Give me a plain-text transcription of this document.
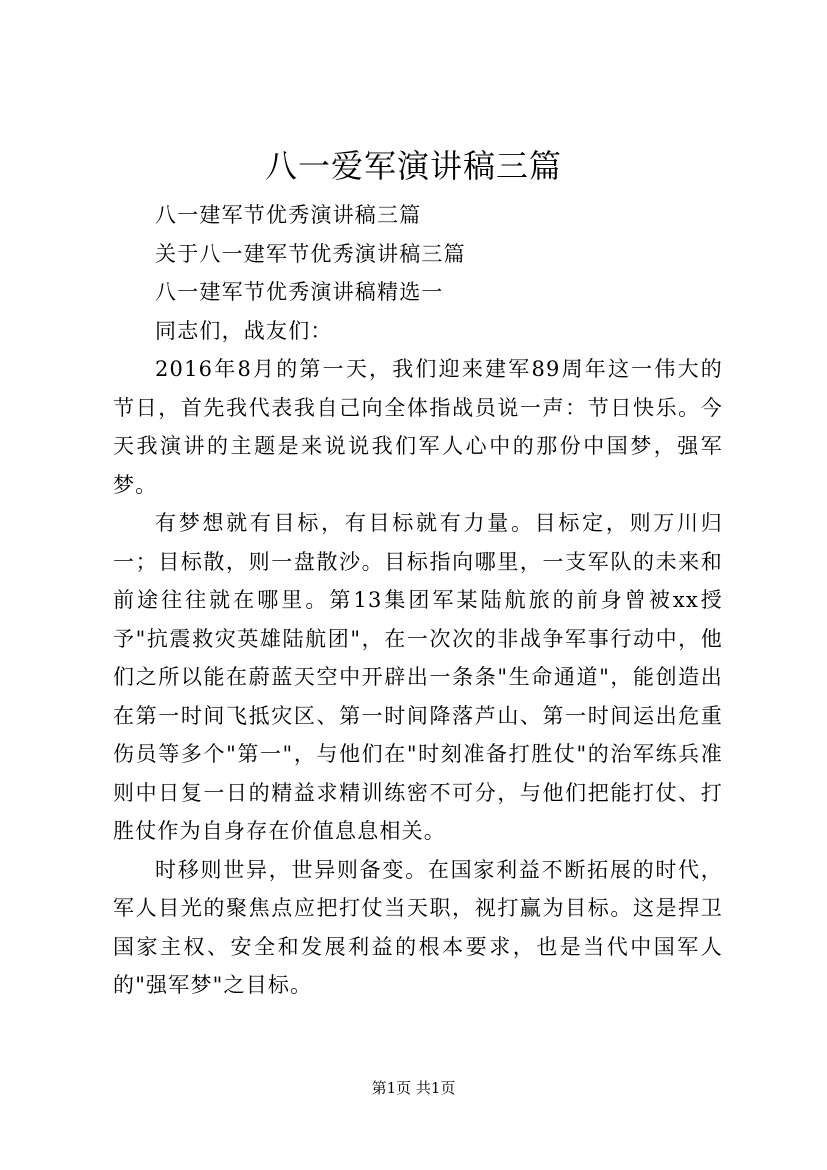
八一爱军演讲稿三篇

八一建军节优秀演讲稿三篇

关于八一建军节优秀演讲稿三篇

八一建军节优秀演讲稿精选一

同志们，战友们：

2016年8月的第一天，我们迎来建军89周年这一伟大的节日，首先我代表我自己向全体指战员说一声：节日快乐。今天我演讲的主题是来说说我们军人心中的那份中国梦，强军梦。

有梦想就有目标，有目标就有力量。目标定，则万川归一；目标散，则一盘散沙。目标指向哪里，一支军队的未来和前途往往就在哪里。第13集团军某陆航旅的前身曾被xx授予"抗震救灾英雄陆航团"，在一次次的非战争军事行动中，他们之所以能在蔚蓝天空中开辟出一条条"生命通道"，能创造出在第一时间飞抵灾区、第一时间降落芦山、第一时间运出危重伤员等多个"第一"，与他们在"时刻准备打胜仗"的治军练兵准则中日复一日的精益求精训练密不可分，与他们把能打仗、打胜仗作为自身存在价值息息相关。

时移则世异，世异则备变。在国家利益不断拓展的时代，军人目光的聚焦点应把打仗当天职，视打赢为目标。这是捍卫国家主权、安全和发展利益的根本要求，也是当代中国军人的"强军梦"之目标。

第1页 共1页
